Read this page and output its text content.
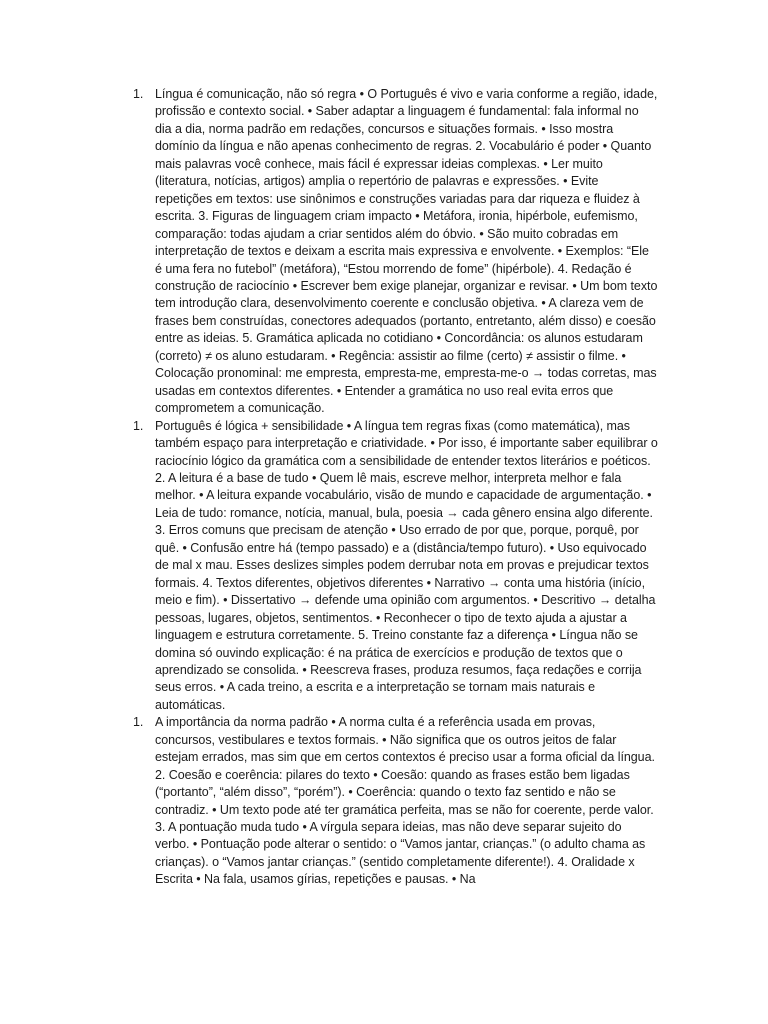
1. Língua é comunicação, não só regra • O Português é vivo e varia conforme a região, idade, profissão e contexto social. • Saber adaptar a linguagem é fundamental: fala informal no dia a dia, norma padrão em redações, concursos e situações formais. • Isso mostra domínio da língua e não apenas conhecimento de regras. 2. Vocabulário é poder • Quanto mais palavras você conhece, mais fácil é expressar ideias complexas. • Ler muito (literatura, notícias, artigos) amplia o repertório de palavras e expressões. • Evite repetições em textos: use sinônimos e construções variadas para dar riqueza e fluidez à escrita. 3. Figuras de linguagem criam impacto • Metáfora, ironia, hipérbole, eufemismo, comparação: todas ajudam a criar sentidos além do óbvio. • São muito cobradas em interpretação de textos e deixam a escrita mais expressiva e envolvente. • Exemplos: “Ele é uma fera no futebol” (metáfora), “Estou morrendo de fome” (hipérbole). 4. Redação é construção de raciocínio • Escrever bem exige planejar, organizar e revisar. • Um bom texto tem introdução clara, desenvolvimento coerente e conclusão objetiva. • A clareza vem de frases bem construídas, conectores adequados (portanto, entretanto, além disso) e coesão entre as ideias. 5. Gramática aplicada no cotidiano • Concordância: os alunos estudaram (correto) ≠ os aluno estudaram. • Regência: assistir ao filme (certo) ≠ assistir o filme. • Colocação pronominal: me empresta, empresta-me, empresta-me-o → todas corretas, mas usadas em contextos diferentes. • Entender a gramática no uso real evita erros que comprometem a comunicação.
1. Português é lógica + sensibilidade • A língua tem regras fixas (como matemática), mas também espaço para interpretação e criatividade. • Por isso, é importante saber equilibrar o raciocínio lógico da gramática com a sensibilidade de entender textos literários e poéticos. 2. A leitura é a base de tudo • Quem lê mais, escreve melhor, interpreta melhor e fala melhor. • A leitura expande vocabulário, visão de mundo e capacidade de argumentação. • Leia de tudo: romance, notícia, manual, bula, poesia → cada gênero ensina algo diferente. 3. Erros comuns que precisam de atenção • Uso errado de por que, porque, porquê, por quê. • Confusão entre há (tempo passado) e a (distância/tempo futuro). • Uso equivocado de mal x mau. Esses deslizes simples podem derrubar nota em provas e prejudicar textos formais. 4. Textos diferentes, objetivos diferentes • Narrativo → conta uma história (início, meio e fim). • Dissertativo → defende uma opinião com argumentos. • Descritivo → detalha pessoas, lugares, objetos, sentimentos. • Reconhecer o tipo de texto ajuda a ajustar a linguagem e estrutura corretamente. 5. Treino constante faz a diferença • Língua não se domina só ouvindo explicação: é na prática de exercícios e produção de textos que o aprendizado se consolida. • Reescreva frases, produza resumos, faça redações e corrija seus erros. • A cada treino, a escrita e a interpretação se tornam mais naturais e automáticas.
1. A importância da norma padrão • A norma culta é a referência usada em provas, concursos, vestibulares e textos formais. • Não significa que os outros jeitos de falar estejam errados, mas sim que em certos contextos é preciso usar a forma oficial da língua. 2. Coesão e coerência: pilares do texto • Coesão: quando as frases estão bem ligadas (“portanto”, “além disso”, “porém”). • Coerência: quando o texto faz sentido e não se contradiz. • Um texto pode até ter gramática perfeita, mas se não for coerente, perde valor. 3. A pontuação muda tudo • A vírgula separa ideias, mas não deve separar sujeito do verbo. • Pontuação pode alterar o sentido: o “Vamos jantar, crianças.” (o adulto chama as crianças). o “Vamos jantar crianças.” (sentido completamente diferente!). 4. Oralidade x Escrita • Na fala, usamos gírias, repetições e pausas. • Na
